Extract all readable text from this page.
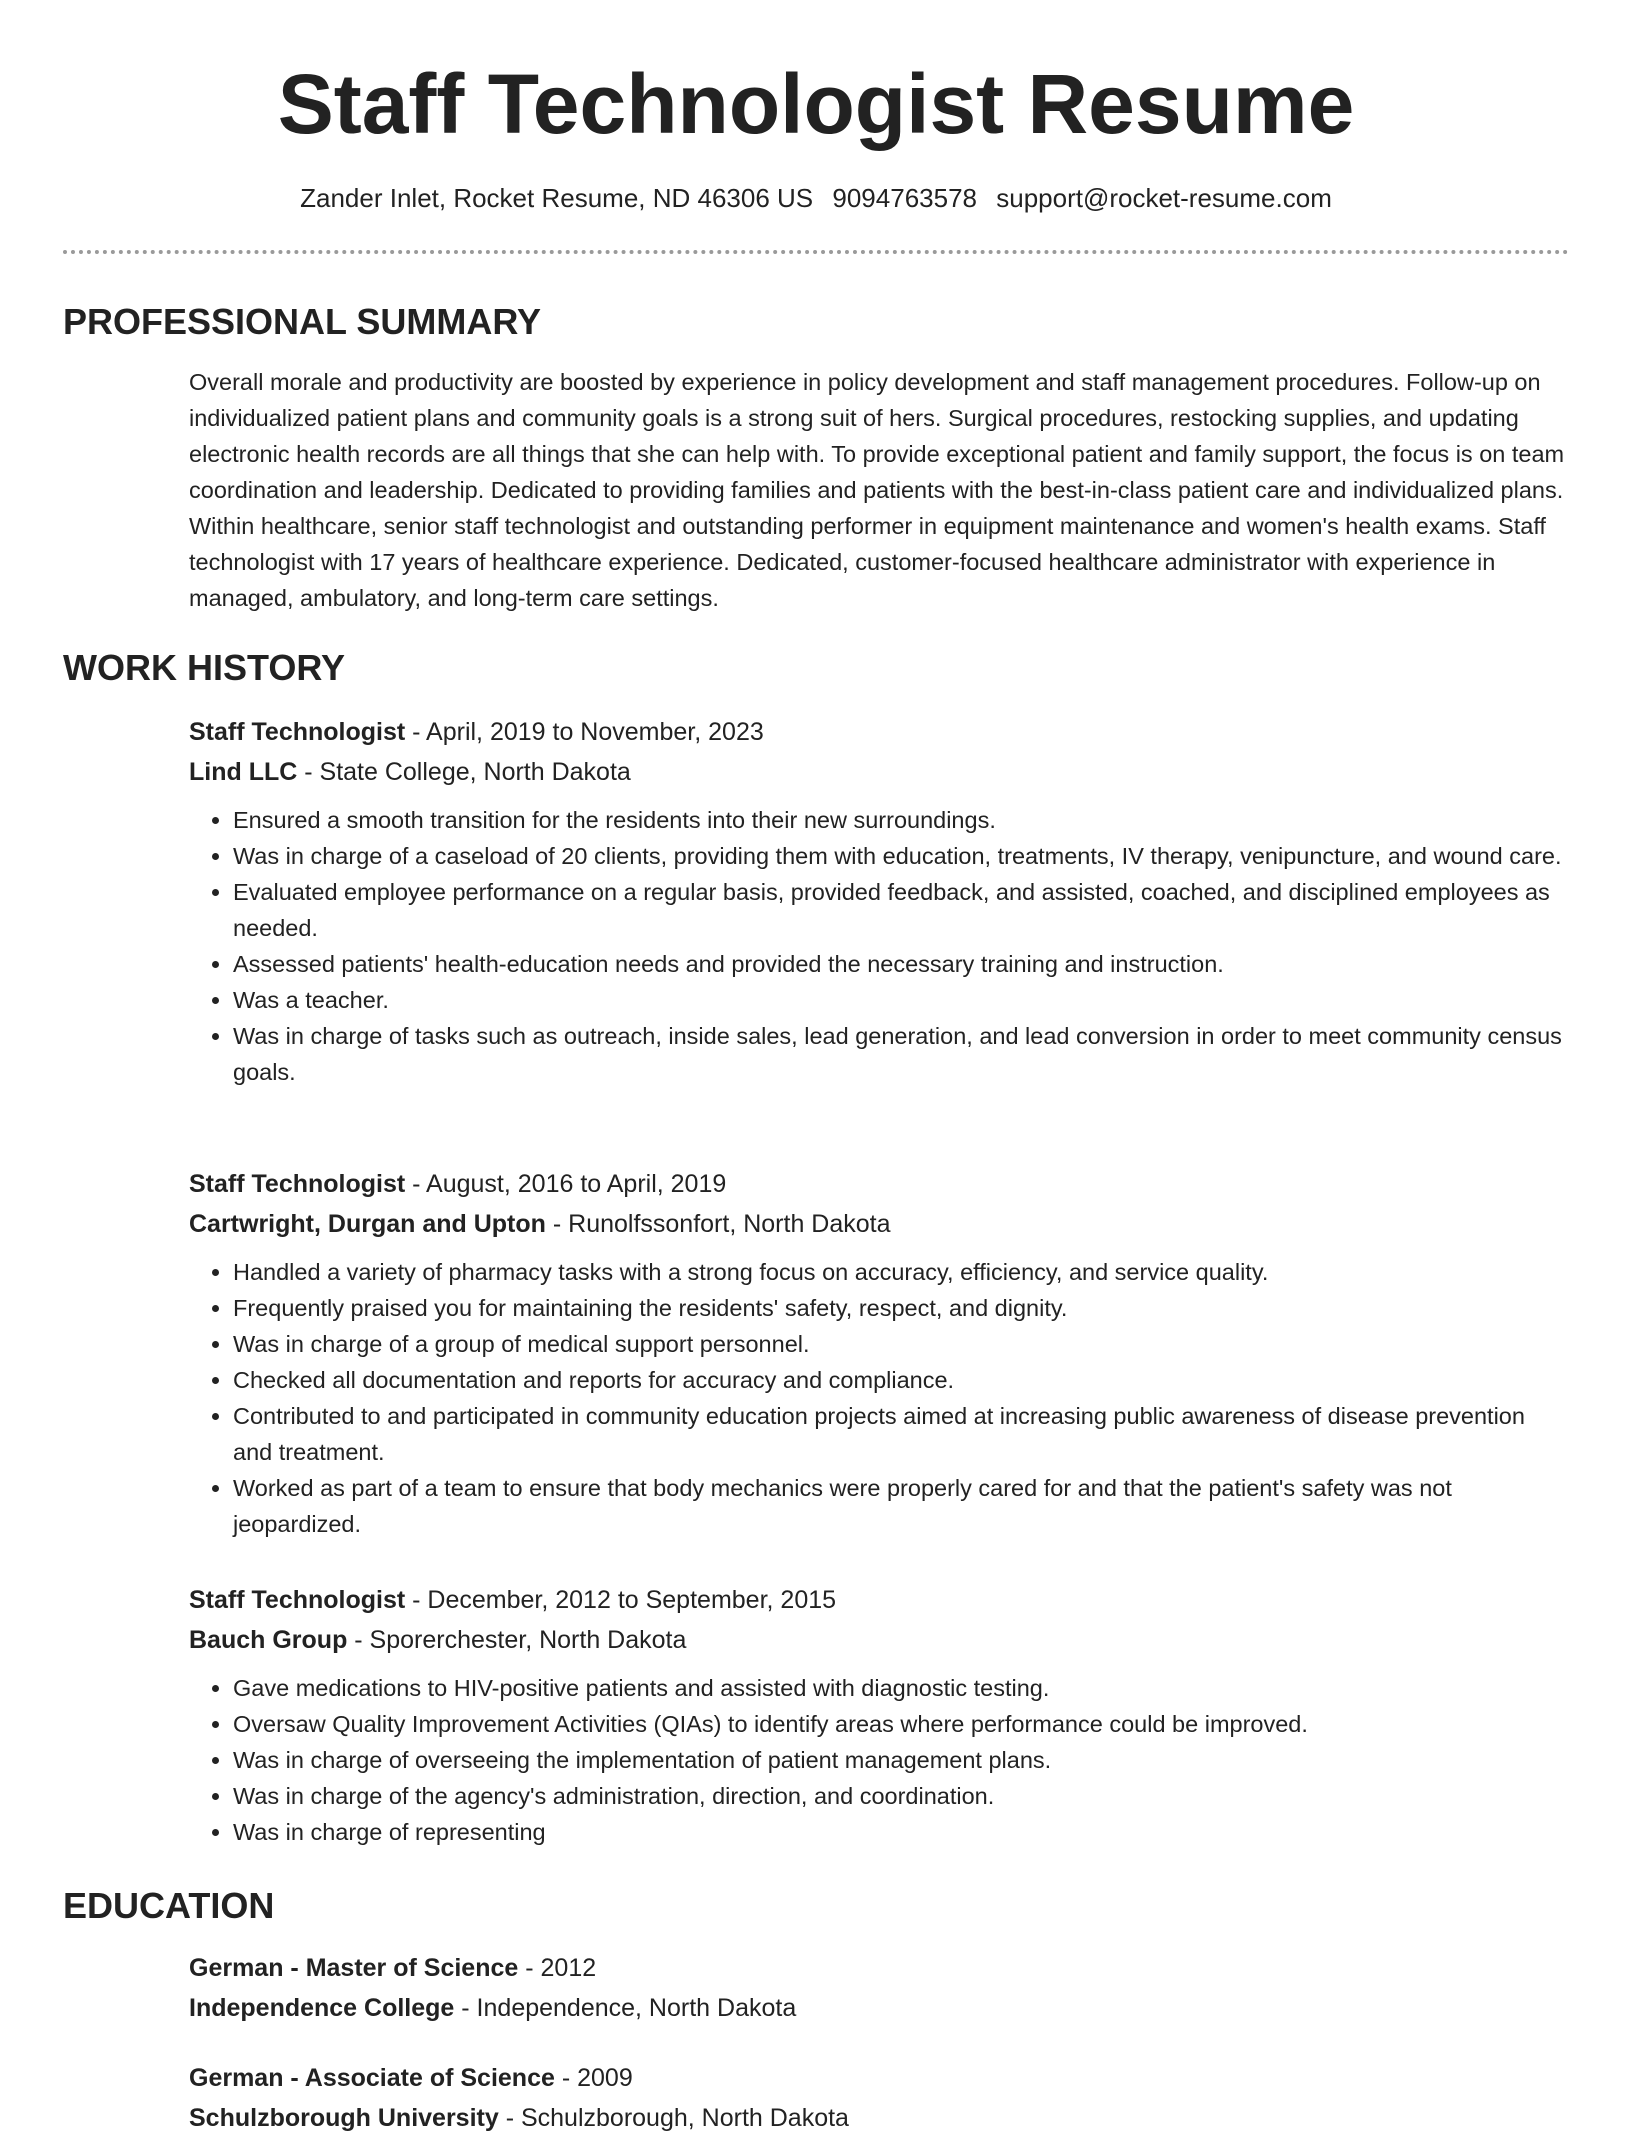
Staff Technologist Resume
Zander Inlet, Rocket Resume, ND 46306 US 9094763578 support@rocket-resume.com
PROFESSIONAL SUMMARY
Overall morale and productivity are boosted by experience in policy development and staff management procedures. Follow-up on individualized patient plans and community goals is a strong suit of hers. Surgical procedures, restocking supplies, and updating electronic health records are all things that she can help with. To provide exceptional patient and family support, the focus is on team coordination and leadership. Dedicated to providing families and patients with the best-in-class patient care and individualized plans. Within healthcare, senior staff technologist and outstanding performer in equipment maintenance and women's health exams. Staff technologist with 17 years of healthcare experience. Dedicated, customer-focused healthcare administrator with experience in managed, ambulatory, and long-term care settings.
WORK HISTORY
Staff Technologist - April, 2019 to November, 2023
Lind LLC - State College, North Dakota
• Ensured a smooth transition for the residents into their new surroundings.
• Was in charge of a caseload of 20 clients, providing them with education, treatments, IV therapy, venipuncture, and wound care.
• Evaluated employee performance on a regular basis, provided feedback, and assisted, coached, and disciplined employees as needed.
• Assessed patients' health-education needs and provided the necessary training and instruction.
• Was a teacher.
• Was in charge of tasks such as outreach, inside sales, lead generation, and lead conversion in order to meet community census goals.
Staff Technologist - August, 2016 to April, 2019
Cartwright, Durgan and Upton - Runolfssonfort, North Dakota
• Handled a variety of pharmacy tasks with a strong focus on accuracy, efficiency, and service quality.
• Frequently praised you for maintaining the residents' safety, respect, and dignity.
• Was in charge of a group of medical support personnel.
• Checked all documentation and reports for accuracy and compliance.
• Contributed to and participated in community education projects aimed at increasing public awareness of disease prevention and treatment.
• Worked as part of a team to ensure that body mechanics were properly cared for and that the patient's safety was not jeopardized.
Staff Technologist - December, 2012 to September, 2015
Bauch Group - Sporerchester, North Dakota
• Gave medications to HIV-positive patients and assisted with diagnostic testing.
• Oversaw Quality Improvement Activities (QIAs) to identify areas where performance could be improved.
• Was in charge of overseeing the implementation of patient management plans.
• Was in charge of the agency's administration, direction, and coordination.
• Was in charge of representing
EDUCATION
German - Master of Science - 2012
Independence College - Independence, North Dakota
German - Associate of Science - 2009
Schulzborough University - Schulzborough, North Dakota
